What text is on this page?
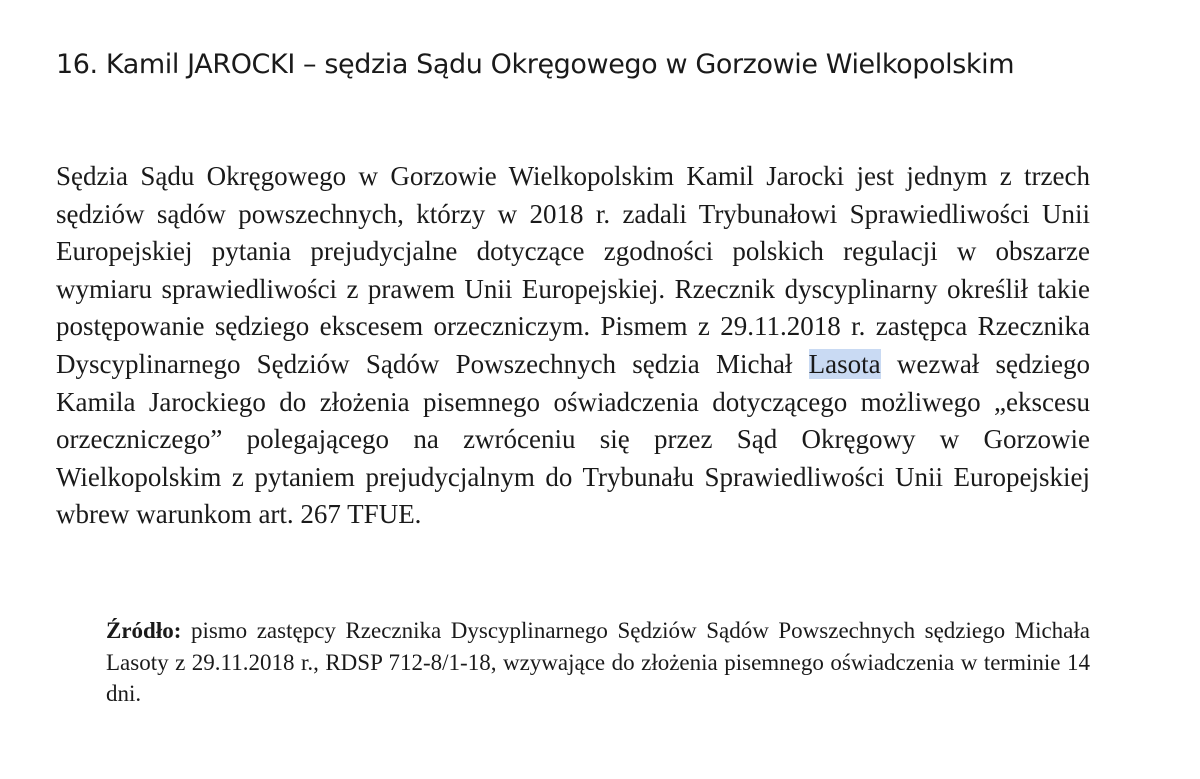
16. Kamil JAROCKI – sędzia Sądu Okręgowego w Gorzowie Wielkopolskim

Sędzia Sądu Okręgowego w Gorzowie Wielkopolskim Kamil Jarocki jest jednym z trzech sędziów sądów powszechnych, którzy w 2018 r. zadali Trybunałowi Sprawiedliwości Unii Europejskiej pytania prejudycjalne dotyczące zgodności polskich regulacji w obszarze wymiaru sprawiedliwości z prawem Unii Europejskiej. Rzecznik dyscyplinarny określił takie postępowanie sędziego ekscesem orzeczniczym. Pismem z 29.11.2018 r. zastępca Rzecznika Dyscyplinarnego Sędziów Sądów Powszechnych sędzia Michał Lasota wezwał sędziego Kamila Jarockiego do złożenia pisemnego oświadczenia dotyczącego możliwego „ekscesu orzeczniczego” polegającego na zwróceniu się przez Sąd Okręgowy w Gorzowie Wielkopolskim z pytaniem prejudycjalnym do Trybunału Sprawiedliwości Unii Europejskiej wbrew warunkom art. 267 TFUE.

Źródło: pismo zastępcy Rzecznika Dyscyplinarnego Sędziów Sądów Powszechnych sędziego Michała Lasoty z 29.11.2018 r., RDSP 712-8/1-18, wzywające do złożenia pisemnego oświadczenia w terminie 14 dni.
